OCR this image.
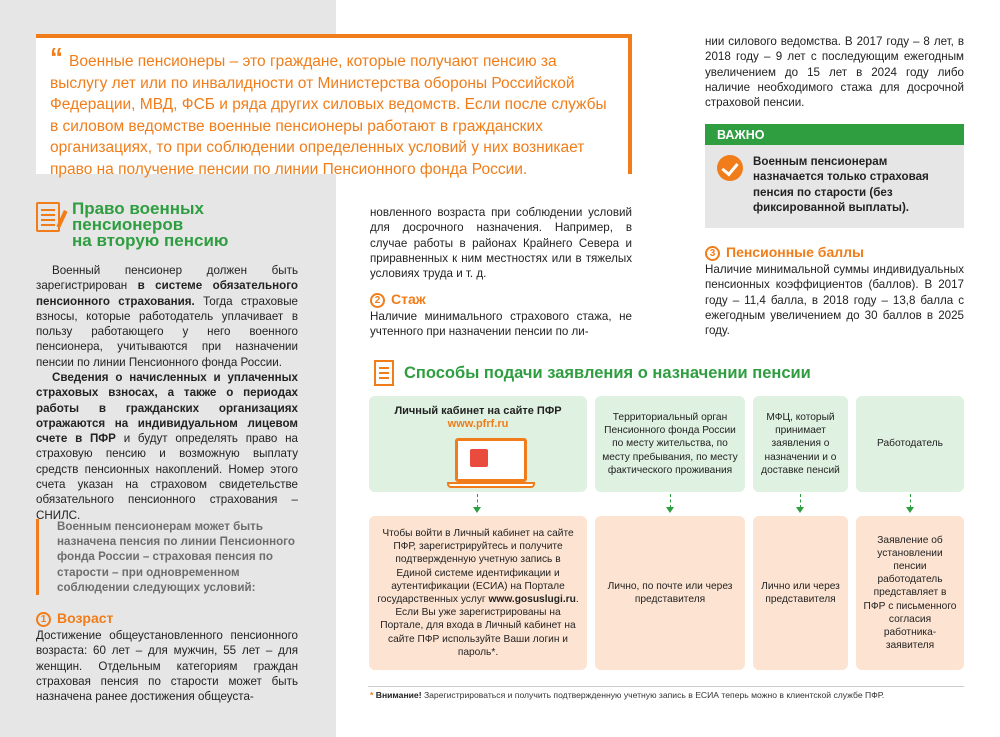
“ Военные пенсионеры – это граждане, которые получают пенсию за выслугу лет или по инвалидности от Министерства обороны Российской Федерации, МВД, ФСБ и ряда других силовых ведомств. Если после службы в силовом ведомстве военные пенсионеры работают в гражданских организациях, то при соблюдении определенных условий у них возникает право на получение пенсии по линии Пенсионного фонда России.

нии силового ведомства. В 2017 году – 8 лет, в 2018 году – 9 лет с последующим ежегодным увеличением до 15 лет в 2024 году либо наличие необходимого стажа для досрочной страховой пенсии.
Право военных
пенсионеров
на вторую пенсию
Военный пенсионер должен быть зарегистрирован в системе обязательного пенсионного страхования. Тогда страховые взносы, которые работодатель уплачивает в пользу работающего у него военного пенсионера, учитываются при назначении пенсии по линии Пенсионного фонда России.
Сведения о начисленных и уплаченных страховых взносах, а также о периодах работы в гражданских организациях отражаются на индивидуальном лицевом счете в ПФР и будут определять право на страховую пенсию и возможную выплату средств пенсионных накоплений. Номер этого счета указан на страховом свидетельстве обязательного пенсионного страхования – СНИЛС.
Военным пенсионерам может быть назначена пенсия по линии Пенсионного фонда России – страховая пенсия по старости – при одновременном соблюдении следующих условий:
1 Возраст
Достижение общеустановленного пенсионного возраста: 60 лет – для мужчин, 55 лет – для женщин. Отдельным категориям граждан страховая пенсия по старости может быть назначена ранее достижения общеуста-
новленного возраста при соблюдении условий для досрочного назначения. Например, в случае работы в районах Крайнего Севера и приравненных к ним местностях или в тяжелых условиях труда и т. д.
2 Стаж
Наличие минимального страхового стажа, не учтенного при назначении пенсии по ли-
ВАЖНО
Военным пенсионерам назначается только страховая пенсия по старости (без фиксированной выплаты).
3 Пенсионные баллы
Наличие минимальной суммы индивидуальных пенсионных коэффициентов (баллов). В 2017 году – 11,4 балла, в 2018 году – 13,8 балла с ежегодным увеличением до 30 баллов в 2025 году.
Способы подачи заявления о назначении пенсии
Личный кабинет на сайте ПФР
www.pfrf.ru
Территориальный орган Пенсионного фонда России по месту жительства, по месту пребывания, по месту фактического проживания
МФЦ, который принимает заявления о назначении и о доставке пенсий
Работодатель
Чтобы войти в Личный кабинет на сайте ПФР, зарегистрируйтесь и получите подтвержденную учетную запись в Единой системе идентификации и аутентификации (ЕСИА) на Портале государственных услуг www.gosuslugi.ru. Если Вы уже зарегистрированы на Портале, для входа в Личный кабинет на сайте ПФР используйте Ваши логин и пароль*.
Лично, по почте или через представителя
Лично или через представителя
Заявление об установлении пенсии работодатель представляет в ПФР с письменного согласия работника-заявителя
* Внимание! Зарегистрироваться и получить подтвержденную учетную запись в ЕСИА теперь можно в клиентской службе ПФР.
